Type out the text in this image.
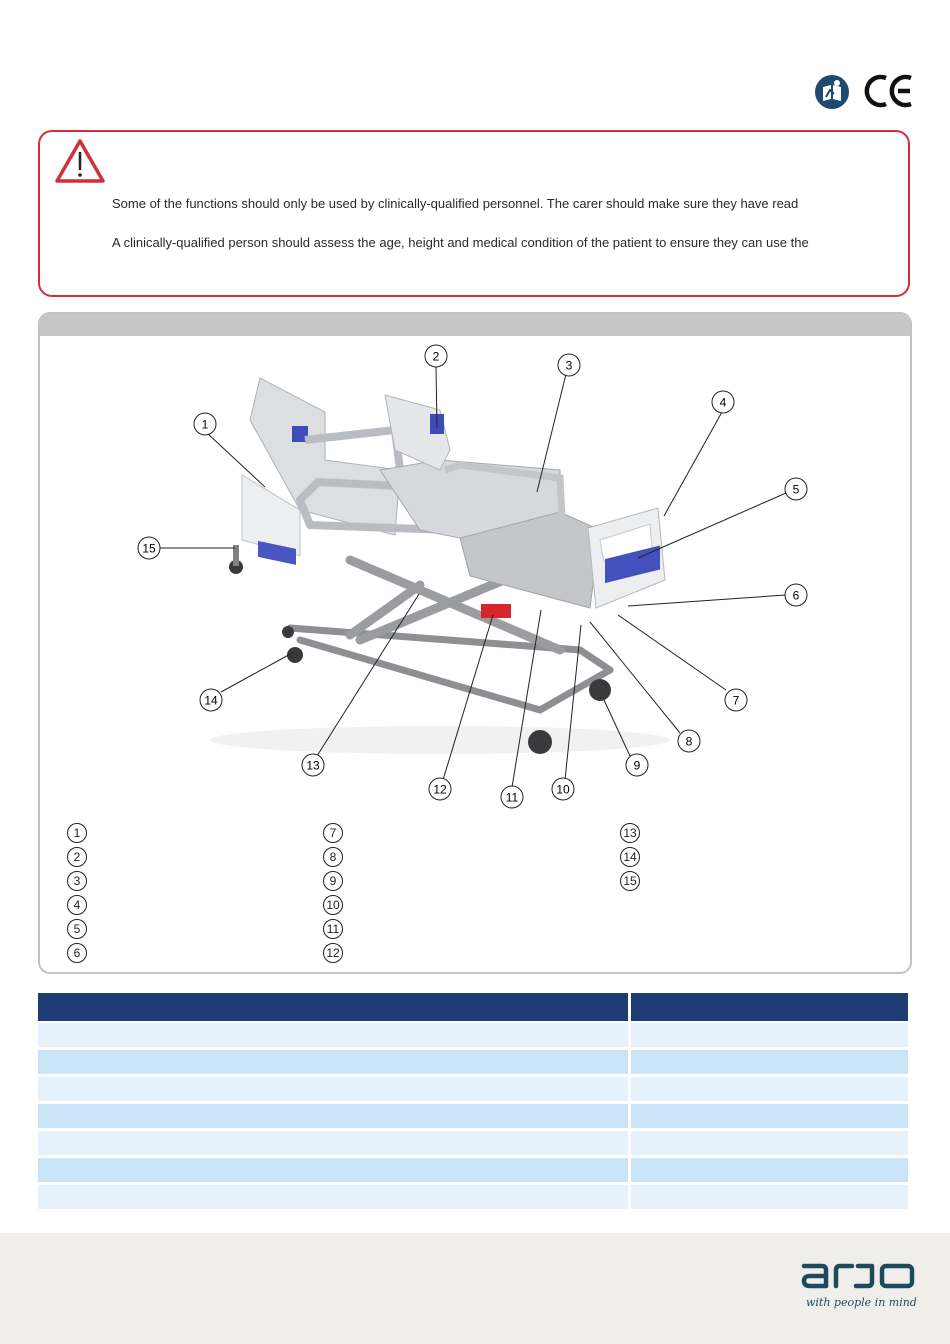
Some of the functions should only be used by clinically-qualified personnel. The carer should make sure they have read
A clinically-qualified person should assess the age, height and medical condition of the patient to ensure they can use the
1
2
3
4
5
6
7
8
9
10
11
12
13
14
15
1
2
3
4
5
6
7
8
9
10
11
12
13
14
15
with people in mind
